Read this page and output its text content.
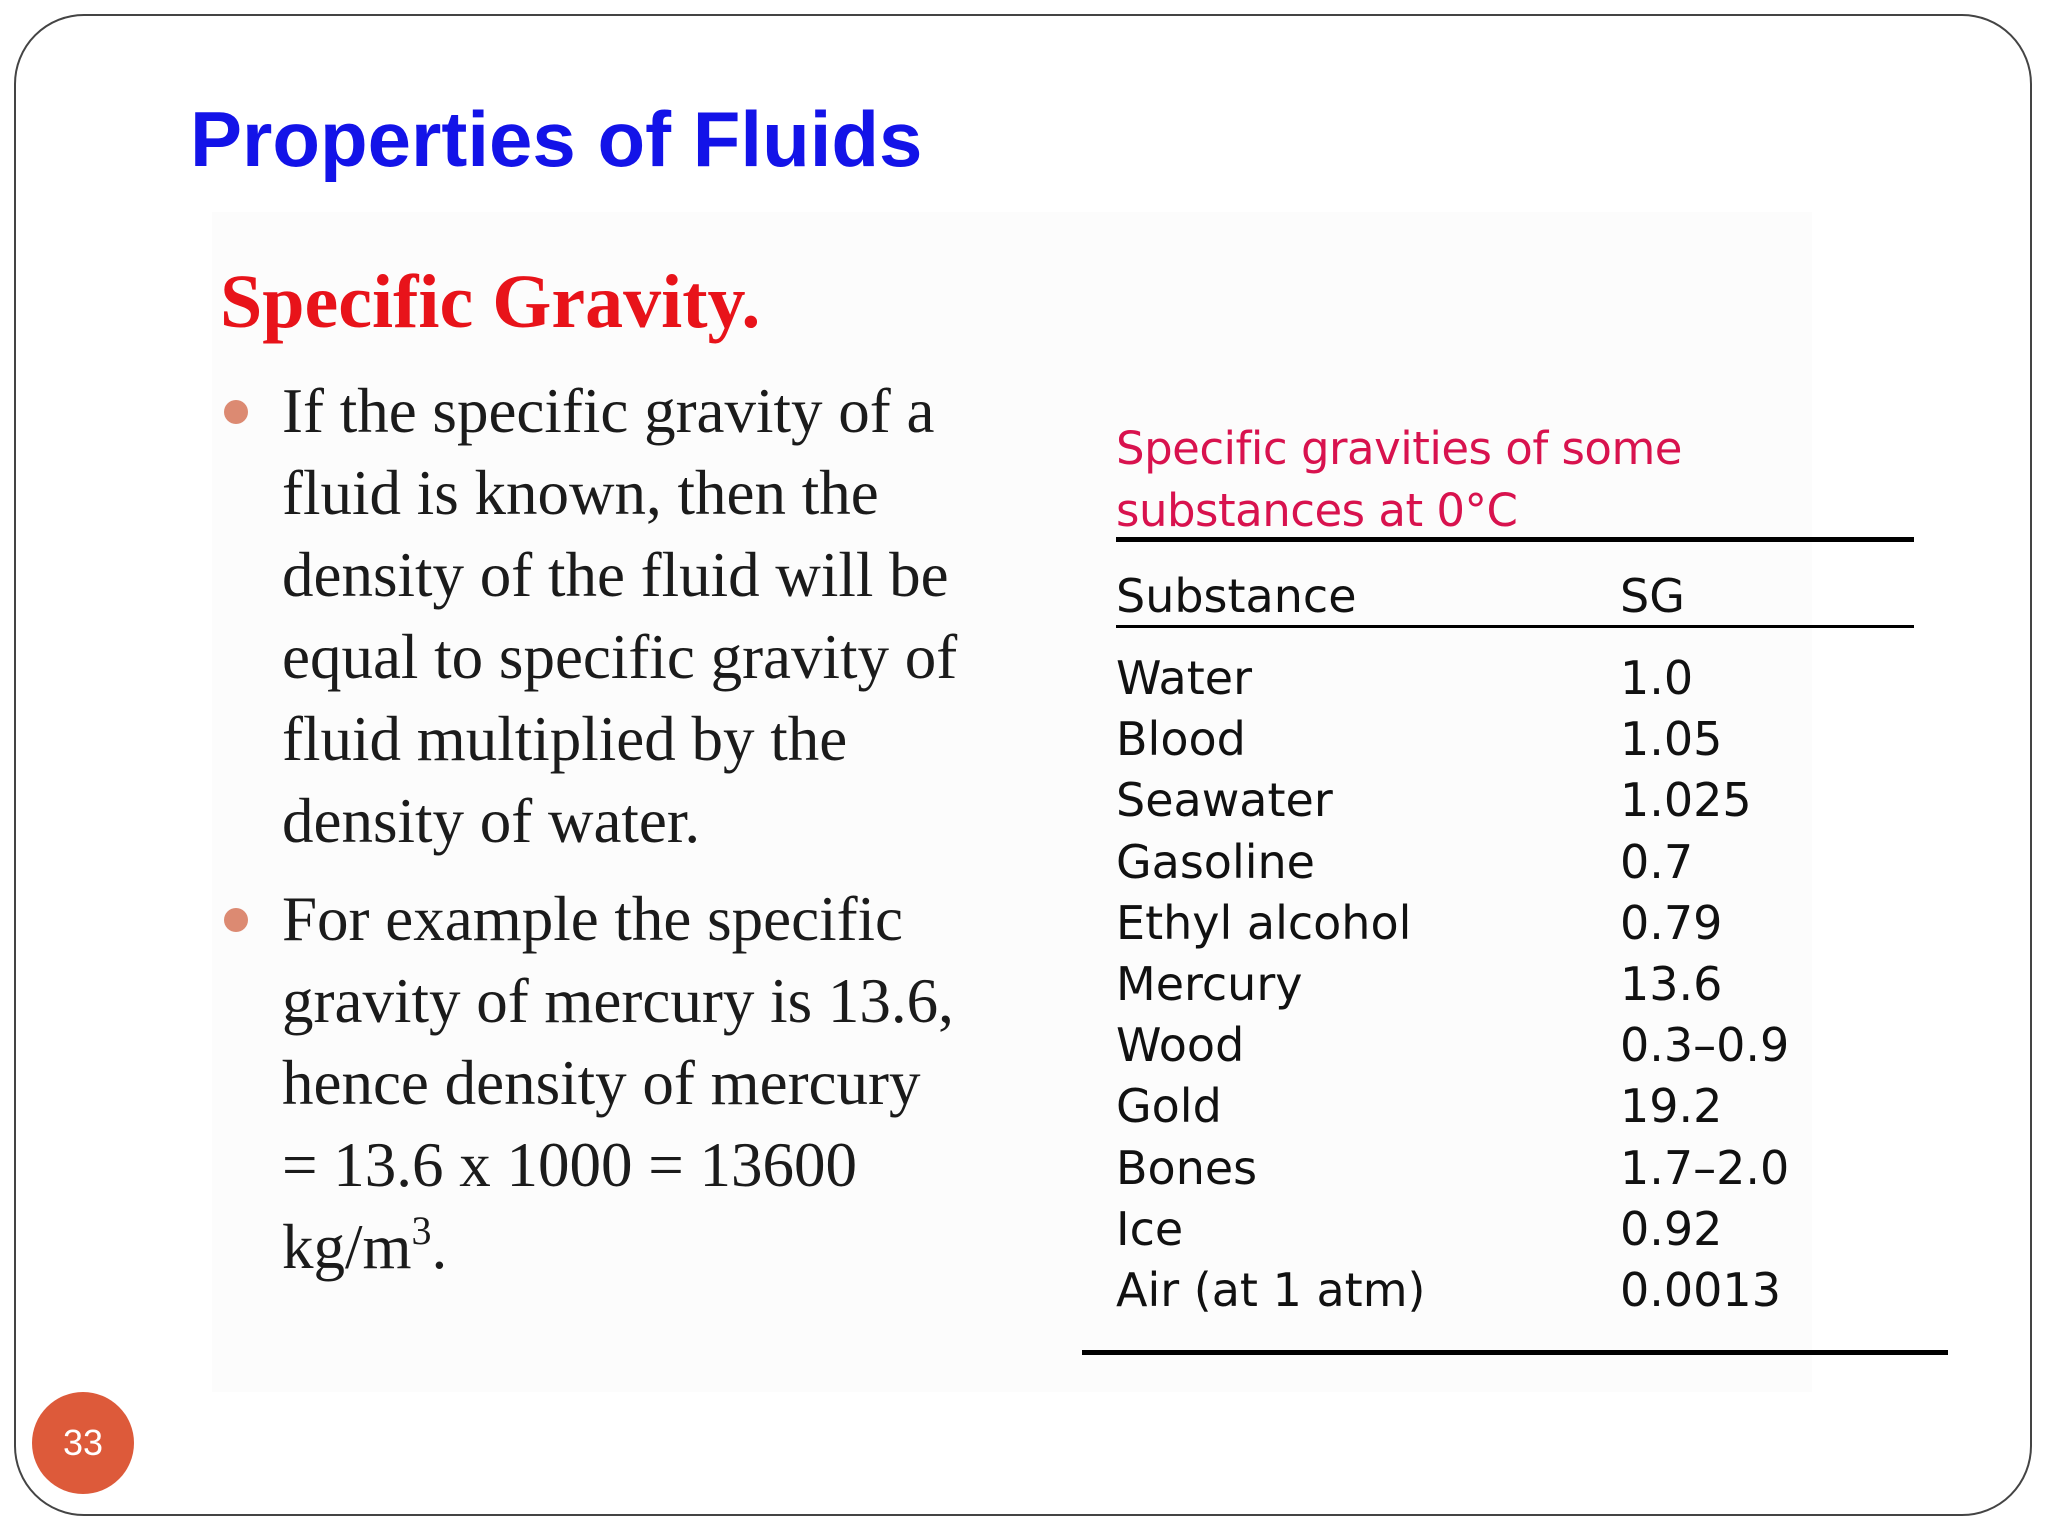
Properties of Fluids
Specific Gravity.
If the specific gravity of a
fluid is known, then the
density of the fluid will be
equal to specific gravity of
fluid multiplied by the
density of water.
For example the specific
gravity of mercury is 13.6,
hence density of mercury
= 13.6 x 1000 = 13600
$kg/m^3$.
Specific gravities of some
substances at 0°C
Substance	SG
Water	1.0
Blood	1.05
Seawater	1.025
Gasoline	0.7
Ethyl alcohol	0.79
Mercury	13.6
Wood	0.3–0.9
Gold	19.2
Bones	1.7–2.0
Ice	0.92
Air (at 1 atm)	0.0013
33
